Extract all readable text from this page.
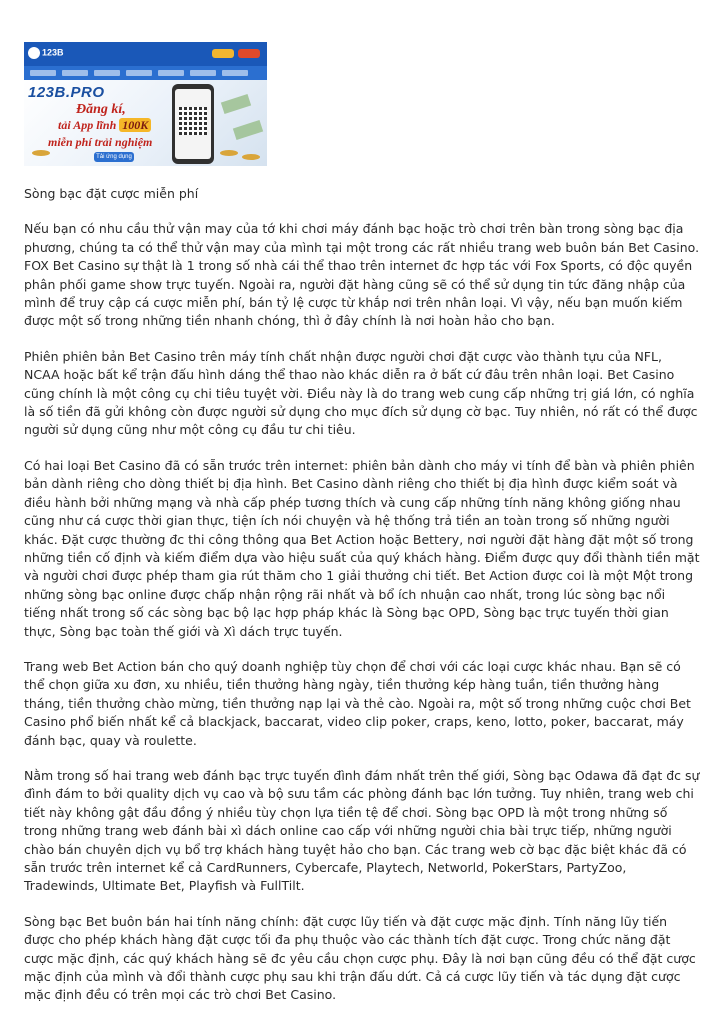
123B
123B.PRO
Đăng kí,
tải App lĩnh 100K
miễn phí trải nghiệm
Tải ứng dụng

Sòng bạc đặt cược miễn phí

Nếu bạn có nhu cầu thử vận may của tớ khi chơi máy đánh bạc hoặc trò chơi trên bàn trong sòng bạc địa phương, chúng ta có thể thử vận may của mình tại một trong các rất nhiều trang web buôn bán Bet Casino. FOX Bet Casino sự thật là 1 trong số nhà cái thể thao trên internet đc hợp tác với Fox Sports, có độc quyền phân phối game show trực tuyến. Ngoài ra, người đặt hàng cũng sẽ có thể sử dụng tin tức đăng nhập của mình để truy cập cá cược miễn phí, bán tỷ lệ cược từ khắp nơi trên nhân loại. Vì vậy, nếu bạn muốn kiếm được một số trong những tiền nhanh chóng, thì ở đây chính là nơi hoàn hảo cho bạn.

Phiên phiên bản Bet Casino trên máy tính chất nhận được người chơi đặt cược vào thành tựu của NFL, NCAA hoặc bất kể trận đấu hình dáng thể thao nào khác diễn ra ở bất cứ đâu trên nhân loại. Bet Casino cũng chính là một công cụ chi tiêu tuyệt vời. Điều này là do trang web cung cấp những trị giá lớn, có nghĩa là số tiền đã gửi không còn được người sử dụng cho mục đích sử dụng cờ bạc. Tuy nhiên, nó rất có thể được người sử dụng cũng như một công cụ đầu tư chi tiêu.

Có hai loại Bet Casino đã có sẵn trước trên internet: phiên bản dành cho máy vi tính để bàn và phiên phiên bản dành riêng cho dòng thiết bị địa hình. Bet Casino dành riêng cho thiết bị địa hình được kiểm soát và điều hành bởi những mạng và nhà cấp phép tương thích và cung cấp những tính năng không giống nhau cũng như cá cược thời gian thực, tiện ích nói chuyện và hệ thống trả tiền an toàn trong số những người khác. Đặt cược thường đc thi công thông qua Bet Action hoặc Bettery, nơi người đặt hàng đặt một số trong những tiền cố định và kiếm điểm dựa vào hiệu suất của quý khách hàng. Điểm được quy đổi thành tiền mặt và người chơi được phép tham gia rút thăm cho 1 giải thưởng chi tiết. Bet Action được coi là một Một trong những sòng bạc online được chấp nhận rộng rãi nhất và bổ ích nhuận cao nhất, trong lúc sòng bạc nổi tiếng nhất trong số các sòng bạc bộ lạc hợp pháp khác là Sòng bạc OPD, Sòng bạc trực tuyến thời gian thực, Sòng bạc toàn thế giới và Xì dách trực tuyến.

Trang web Bet Action bán cho quý doanh nghiệp tùy chọn để chơi với các loại cược khác nhau. Bạn sẽ có thể chọn giữa xu đơn, xu nhiều, tiền thưởng hàng ngày, tiền thưởng kép hàng tuần, tiền thưởng hàng tháng, tiền thưởng chào mừng, tiền thưởng nạp lại và thẻ cào. Ngoài ra, một số trong những cuộc chơi Bet Casino phổ biến nhất kể cả blackjack, baccarat, video clip poker, craps, keno, lotto, poker, baccarat, máy đánh bạc, quay và roulette.

Nằm trong số hai trang web đánh bạc trực tuyến đình đám nhất trên thế giới, Sòng bạc Odawa đã đạt đc sự đình đám to bởi quality dịch vụ cao và bộ sưu tầm các phòng đánh bạc lớn tưởng. Tuy nhiên, trang web chi tiết này không gật đầu đồng ý nhiều tùy chọn lựa tiền tệ để chơi. Sòng bạc OPD là một trong những số trong những trang web đánh bài xì dách online cao cấp với những người chia bài trực tiếp, những người chào bán chuyên dịch vụ bổ trợ khách hàng tuyệt hảo cho bạn. Các trang web cờ bạc đặc biệt khác đã có sẵn trước trên internet kể cả CardRunners, Cybercafe, Playtech, Networld, PokerStars, PartyZoo, Tradewinds, Ultimate Bet, Playfish và FullTilt.

Sòng bạc Bet buôn bán hai tính năng chính: đặt cược lũy tiến và đặt cược mặc định. Tính năng lũy tiến được cho phép khách hàng đặt cược tối đa phụ thuộc vào các thành tích đặt cược. Trong chức năng đặt cược mặc định, các quý khách hàng sẽ đc yêu cầu chọn cược phụ. Đây là nơi bạn cũng đều có thể đặt cược mặc định của mình và đổi thành cược phụ sau khi trận đấu dứt. Cả cá cược lũy tiến và tác dụng đặt cược mặc định đều có trên mọi các trò chơi Bet Casino.
